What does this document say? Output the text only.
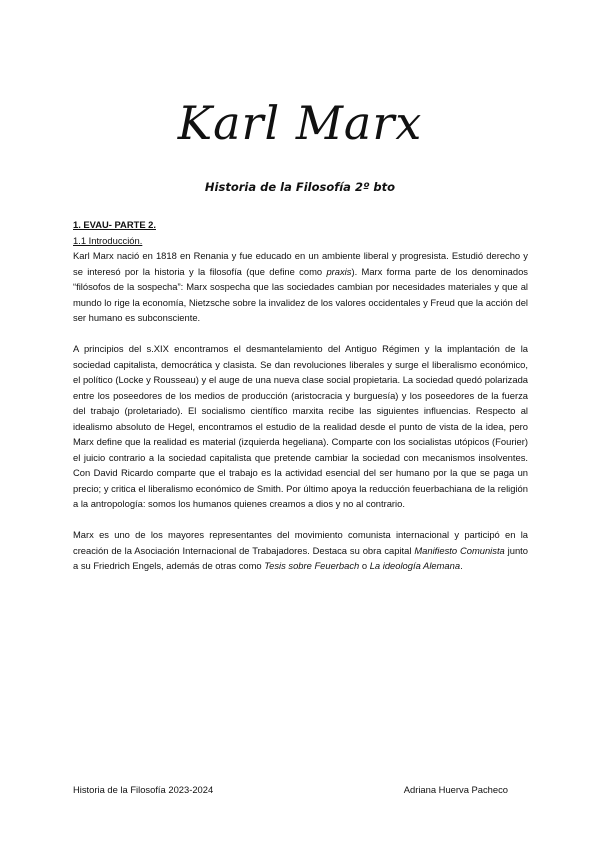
Karl Marx
Historia de la Filosofía 2º bto
1. EVAU- PARTE 2.
1.1 Introducción.

Karl Marx nació en 1818 en Renania y fue educado en un ambiente liberal y progresista. Estudió derecho y se interesó por la historia y la filosofía (que define como praxis). Marx forma parte de los denominados “filósofos de la sospecha”: Marx sospecha que las sociedades cambian por necesidades materiales y que al mundo lo rige la economía, Nietzsche sobre la invalidez de los valores occidentales y Freud que la acción del ser humano es subconsciente.

A principios del s.XIX encontramos el desmantelamiento del Antiguo Régimen y la implantación de la sociedad capitalista, democrática y clasista. Se dan revoluciones liberales y surge el liberalismo económico, el político (Locke y Rousseau) y el auge de una nueva clase social propietaria. La sociedad quedó polarizada entre los poseedores de los medios de producción (aristocracia y burguesía) y los poseedores de la fuerza del trabajo (proletariado). El socialismo científico marxita recibe las siguientes influencias. Respecto al idealismo absoluto de Hegel, encontramos el estudio de la realidad desde el punto de vista de la idea, pero Marx define que la realidad es material (izquierda hegeliana). Comparte con los socialistas utópicos (Fourier) el juicio contrario a la sociedad capitalista que pretende cambiar la sociedad con mecanismos insolventes. Con David Ricardo comparte que el trabajo es la actividad esencial del ser humano por la que se paga un precio; y critica el liberalismo económico de Smith. Por último apoya la reducción feuerbachiana de la religión a la antropología: somos los humanos quienes creamos a dios y no al contrario.

Marx es uno de los mayores representantes del movimiento comunista internacional y participó en la creación de la Asociación Internacional de Trabajadores. Destaca su obra capital Manifiesto Comunista junto a su Friedrich Engels, además de otras como Tesis sobre Feuerbach o La ideología Alemana.

Historia de la Filosofía 2023-2024	Adriana Huerva Pacheco
